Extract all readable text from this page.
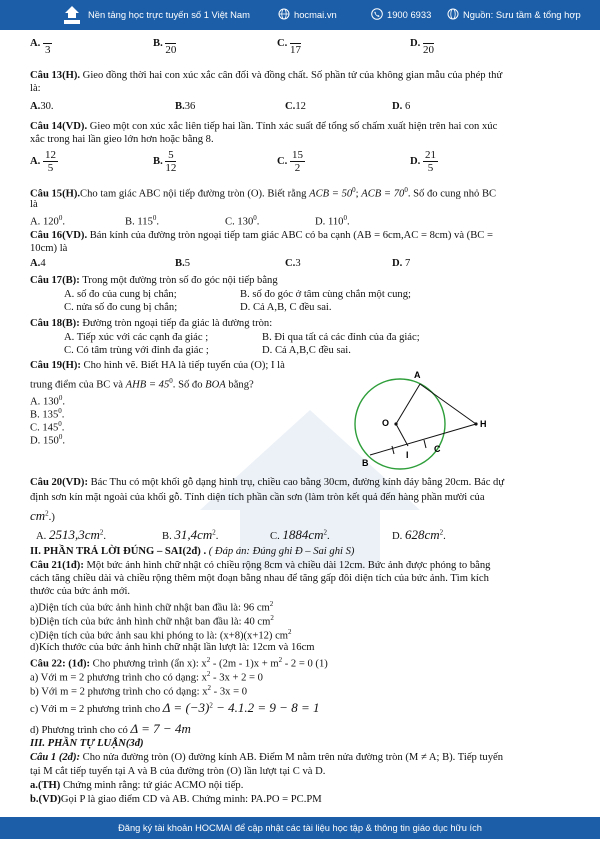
Nền tảng học trực tuyến số 1 Việt Nam	hocmai.vn	1900 6933	Nguồn: Sưu tầm & tổng hợp
A.

3
B.

20
C.

17
D.

20
Câu 13(H). Gieo đồng thời hai con xúc xắc cân đối và đồng chất. Số phần tử của không gian mẫu của phép thử
là:
A.30.	B.36	C.12	D. 6
Câu 14(VD). Gieo một con xúc xắc liên tiếp hai lần. Tính xác suất để tổng số chấm xuất hiện trên hai con xúc
xắc trong hai lần gieo lớn hơn hoặc bằng 8.
A. $\frac{12}{5}$	B. $\frac{5}{12}$	C. $\frac{15}{2}$	D. $\frac{21}{5}$
Câu 15(H).Cho tam giác ABC nội tiếp đường tròn (O). Biết rằng ACB = $50^0$; ACB = $70^0$. Số đo cung nhỏ BC
là
A. $120^0$.	B. $115^0$.	C. $130^0$.	D. $110^0$.
Câu 16(VD). Bán kính của đường tròn ngoại tiếp tam giác ABC có ba cạnh (AB = 6cm,AC = 8cm) và (BC =
10cm) là
A.4	B.5	C.3	D. 7
Câu 17(B): Trong một đường tròn số đo góc nội tiếp bằng
A. số đo của cung bị chắn;	B. số đo góc ở tâm cùng chắn một cung;
C. nửa số đo cung bị chắn;	D. Cả A,B, C đều sai.
Câu 18(B): Đường tròn ngoại tiếp đa giác là đường tròn:
A. Tiếp xúc với các cạnh đa giác ;	B. Đi qua tất cả các đỉnh của đa giác;
C. Có tâm trùng với đỉnh đa giác ;	D. Cả A,B,C đều sai.
Câu 19(H): Cho hình vẽ. Biết HA là tiếp tuyến của (O); I là
trung điểm của BC và AHB = $45^0$. Số đo BOA bằng?
A. $130^0$.
B. $135^0$.
C. $145^0$.
D. $150^0$.
A
O	H
I
C
B
Câu 20(VD): Bác Thu có một khối gỗ dạng hình trụ, chiều cao bằng 30cm, đường kính đáy bằng 20cm. Bác dự
định sơn kín mặt ngoài của khối gỗ. Tính diện tích phần cần sơn (làm tròn kết quả đến hàng phần mười của
$cm^2$.)
A. $2513,3cm^2$.	B. $31,4cm^2$.	C. $1884cm^2$.	D. $628cm^2$.
II. PHẦN TRẢ LỜI ĐÚNG – SAI(2đ) . ( Đáp án: Đúng ghi Đ – Sai ghi S)
Câu 21(1đ): Một bức ảnh hình chữ nhật có chiều rộng 8cm và chiều dài 12cm. Bức ảnh được phóng to bằng
cách tăng chiều dài và chiều rộng thêm một đoạn bằng nhau để tăng gấp đôi diện tích của bức ảnh. Tìm kích
thước của bức ảnh mới.
a)Diện tích của bức ảnh hình chữ nhật ban đầu là: 96 $cm^2$
b)Diện tích của bức ảnh hình chữ nhật ban đầu là: 40 $cm^2$
c)Diện tích của bức ảnh sau khi phóng to là: (x+8)(x+12) $cm^2$
d)Kích thước của bức ảnh hình chữ nhật lần lượt là: 12cm và 16cm
Câu 22: (1đ): Cho phương trình (ẩn x): $x^2 - (2m - 1)x + m^2 - 2 = 0$ (1)
a) Với m = 2 phương trình cho có dạng: $x^2 - 3x + 2 = 0$
b) Với m = 2 phương trình cho có dạng: $x^2 - 3x = 0$
c) Với m = 2 phương trình cho $\Delta = (-3)^2 - 4.1.2 = 9 - 8 = 1$
d) Phương trình cho có Δ = 7 − 4m
III. PHẦN TỰ LUẬN(3đ)
Câu 1 (2đ): Cho nửa đường tròn (O) đường kính AB. Điểm M nằm trên nửa đường tròn (M ≠ A; B). Tiếp tuyến
tại M cắt tiếp tuyến tại A và B của đường tròn (O) lần lượt tại C và D.
a.(TH) Chứng minh rằng: tứ giác ACMO nội tiếp.
b.(VD)Gọi P là giao điểm CD và AB. Chứng minh: PA.PO = PC.PM
Đăng ký tài khoản HOCMAI để cập nhật các tài liệu học tập & thông tin giáo dục hữu ích
